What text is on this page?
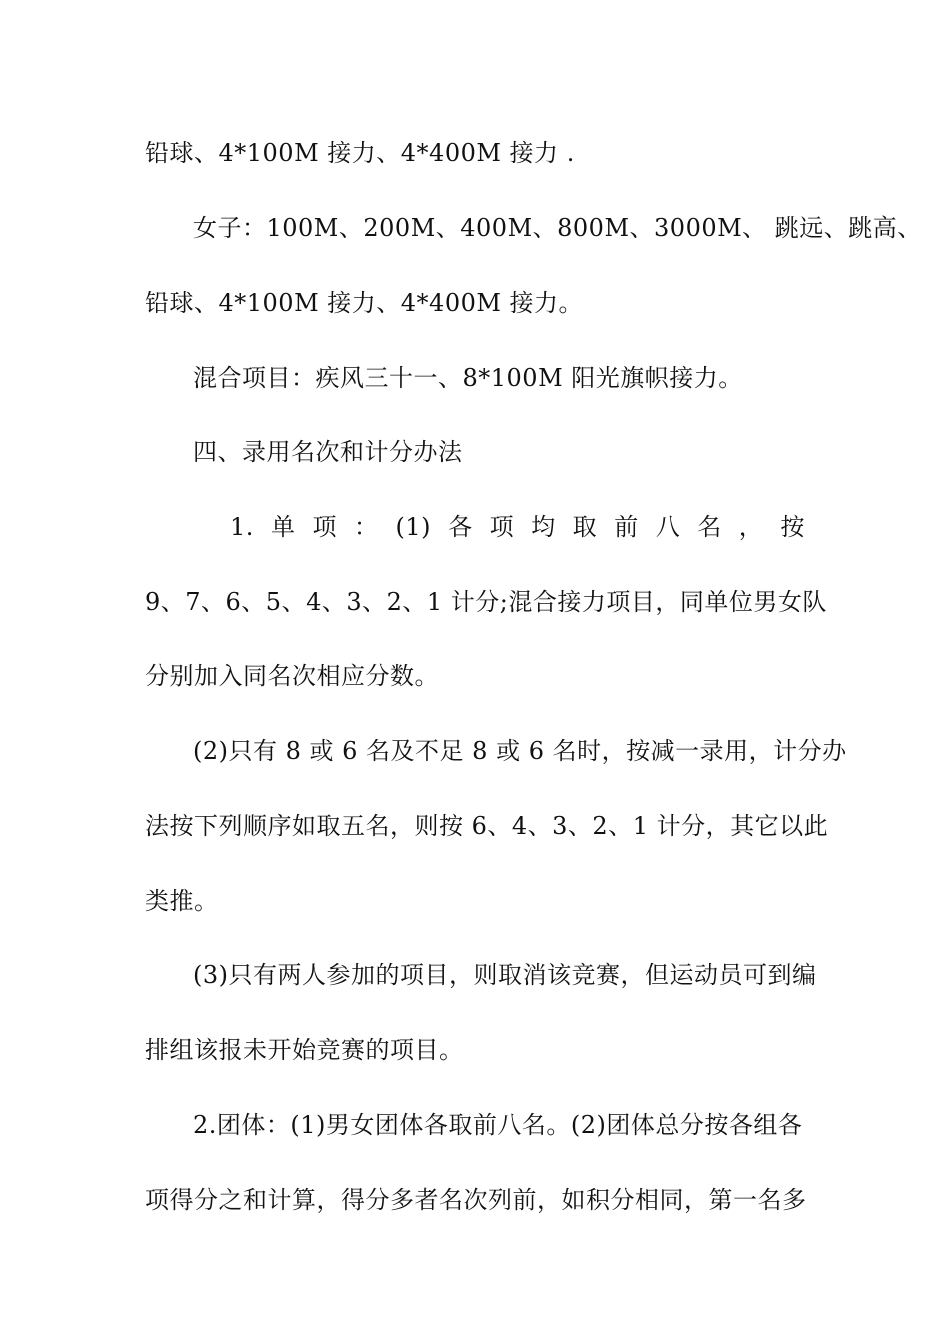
铅球、4*100M 接力、4*400M 接力 .
女子：100M、200M、400M、800M、3000M、 跳远、跳高、
铅球、4*100M 接力、4*400M 接力。
混合项目：疾风三十一、8*100M 阳光旗帜接力。
四、录用名次和计分办法
1. 单 项 ： (1) 各 项 均 取 前 八 名 ， 按
9、7、6、5、4、3、2、1 计分;混合接力项目，同单位男女队
分别加入同名次相应分数。
(2)只有 8 或 6 名及不足 8 或 6 名时，按减一录用，计分办
法按下列顺序如取五名，则按 6、4、3、2、1 计分，其它以此
类推。
(3)只有两人参加的项目，则取消该竞赛，但运动员可到编
排组该报未开始竞赛的项目。
2.团体：(1)男女团体各取前八名。(2)团体总分按各组各
项得分之和计算，得分多者名次列前，如积分相同，第一名多
